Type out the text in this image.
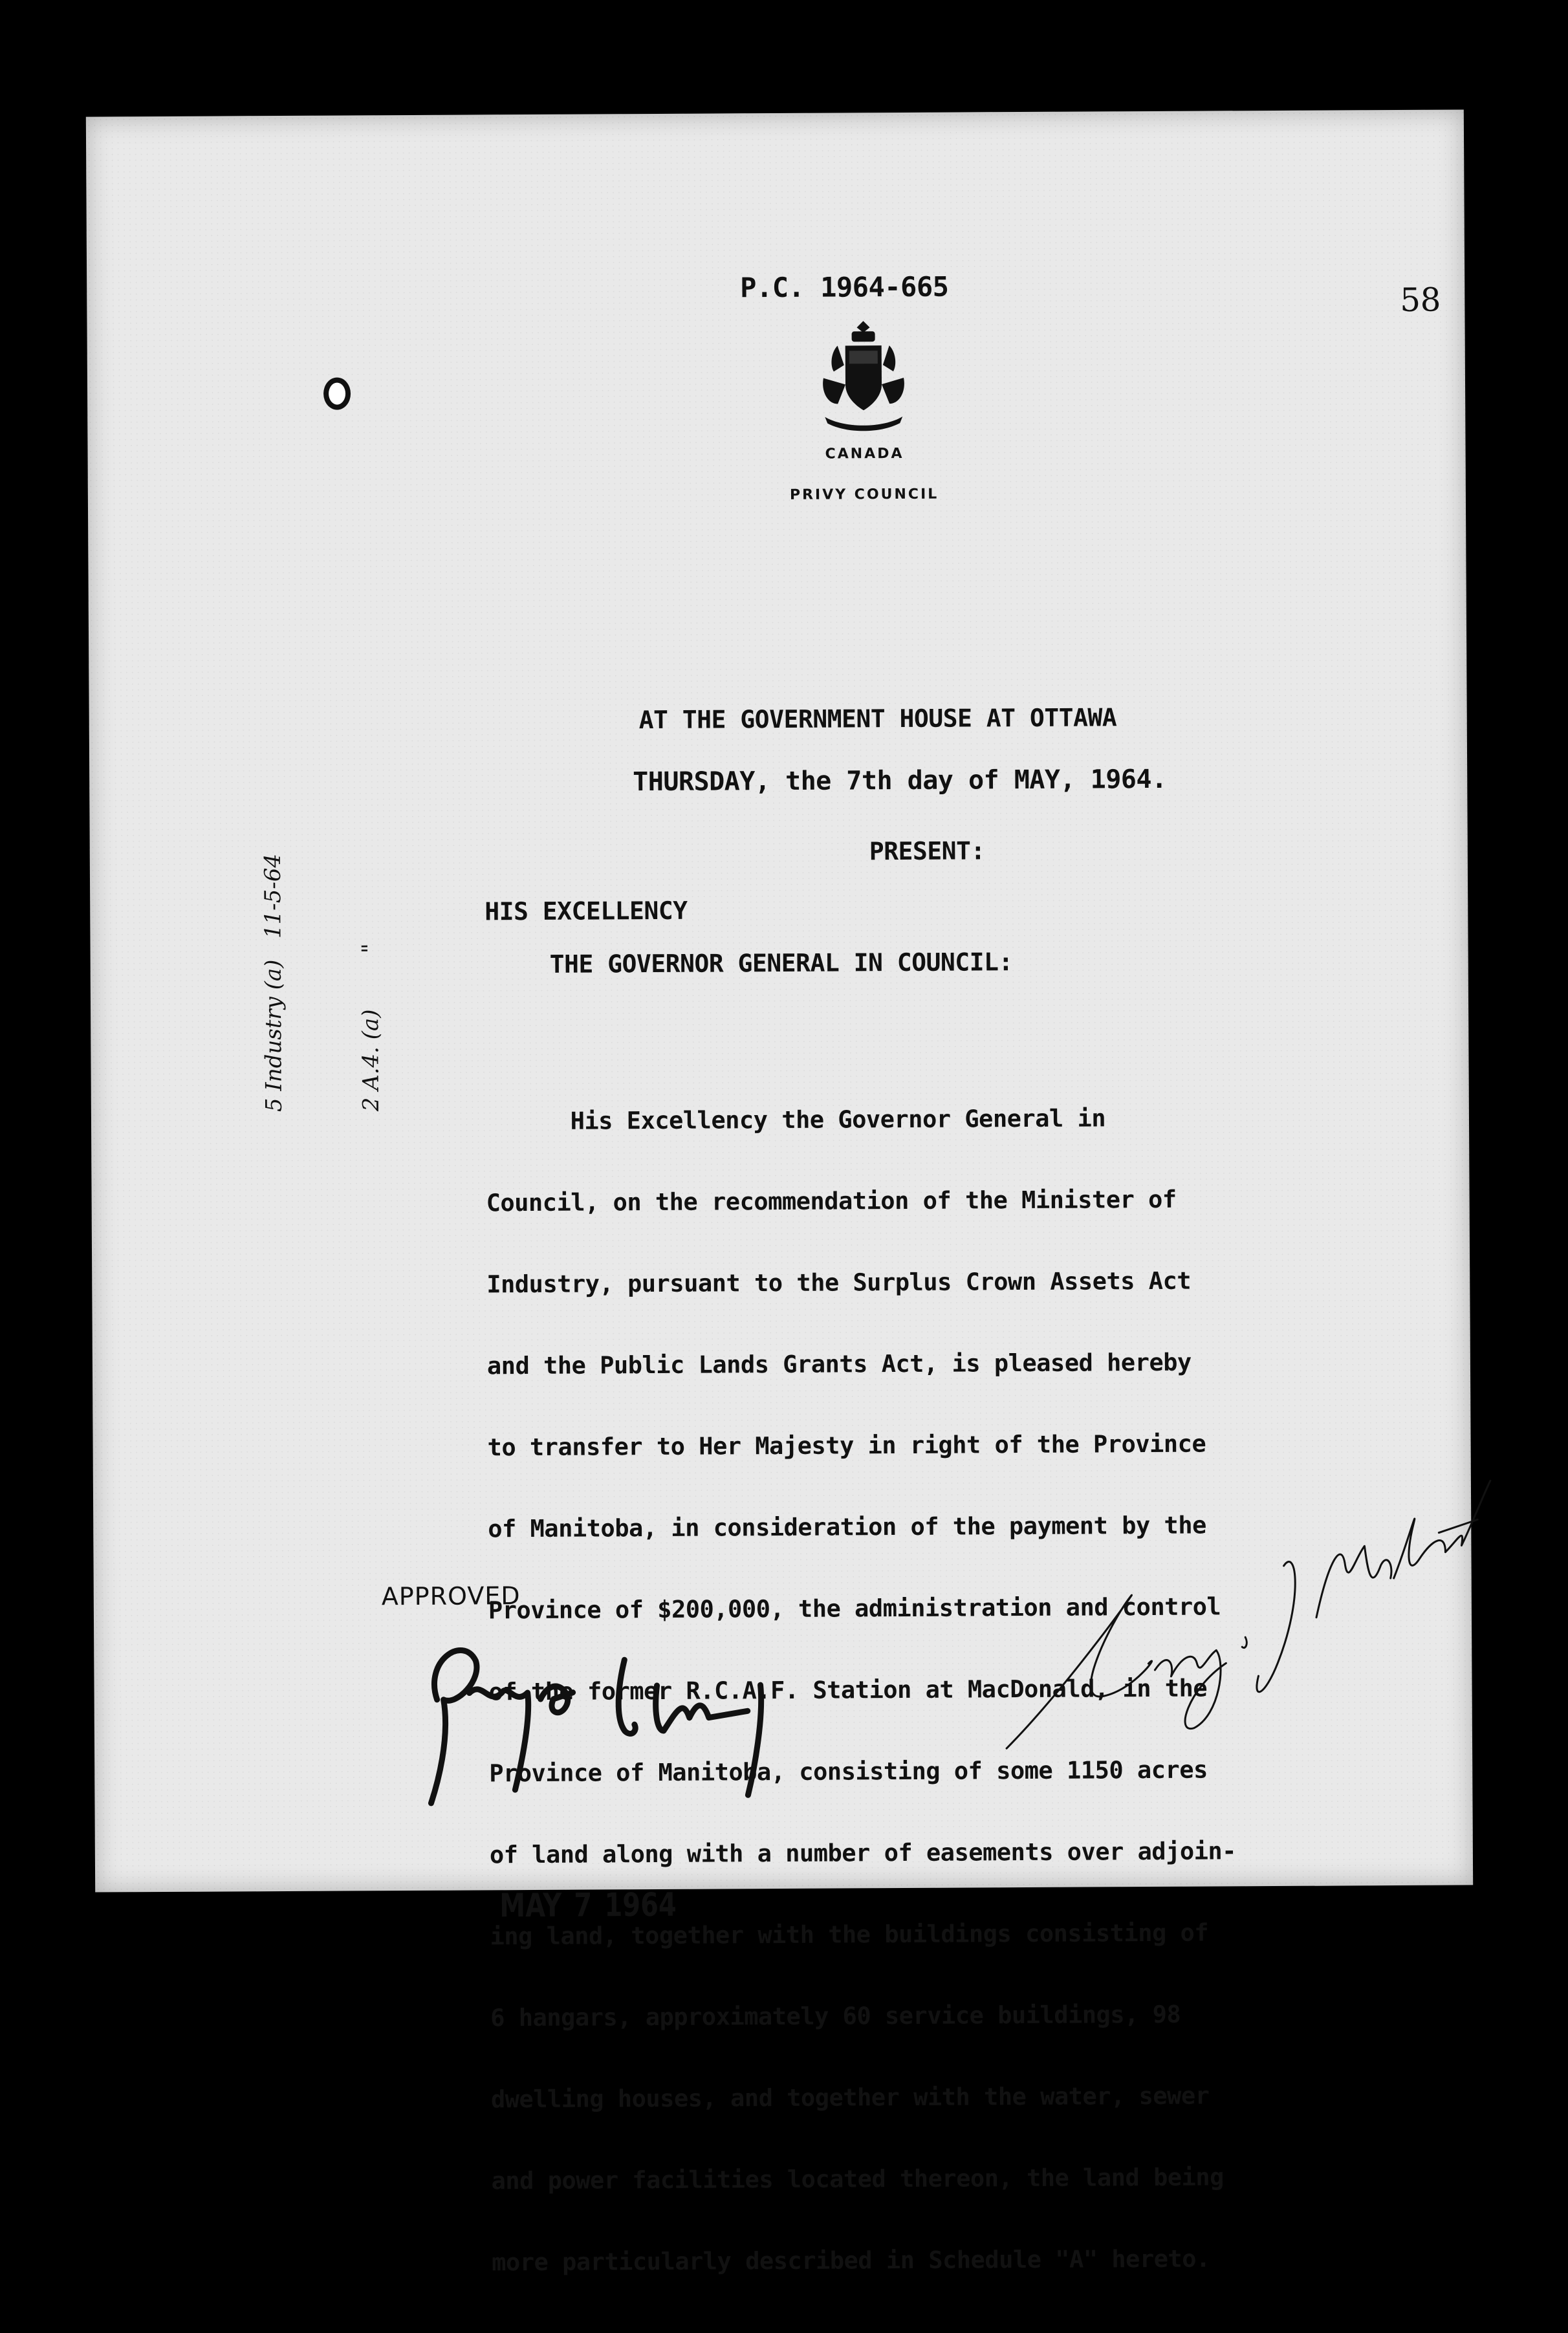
P.C. 1964-665	58
CANADA
PRIVY COUNCIL
AT THE GOVERNMENT HOUSE AT OTTAWA
THURSDAY, the 7th day of MAY, 1964.
PRESENT:
HIS EXCELLENCY
THE GOVERNOR GENERAL IN COUNCIL:

His Excellency the Governor General in

Council, on the recommendation of the Minister of

Industry, pursuant to the Surplus Crown Assets Act

and the Public Lands Grants Act, is pleased hereby

to transfer to Her Majesty in right of the Province

of Manitoba, in consideration of the payment by the

Province of $200,000, the administration and control

of the former R.C.A.F. Station at MacDonald, in the

Province of Manitoba, consisting of some 1150 acres

of land along with a number of easements over adjoin-

ing land, together with the buildings consisting of

6 hangars, approximately 60 service buildings, 98

dwelling houses, and together with the water, sewer

and power facilities located thereon, the land being

more particularly described in Schedule "A" hereto.

5 Industry (a)   11-5-64

	2 A.4. (a)        "

APPROVED
MAY 7 1964
